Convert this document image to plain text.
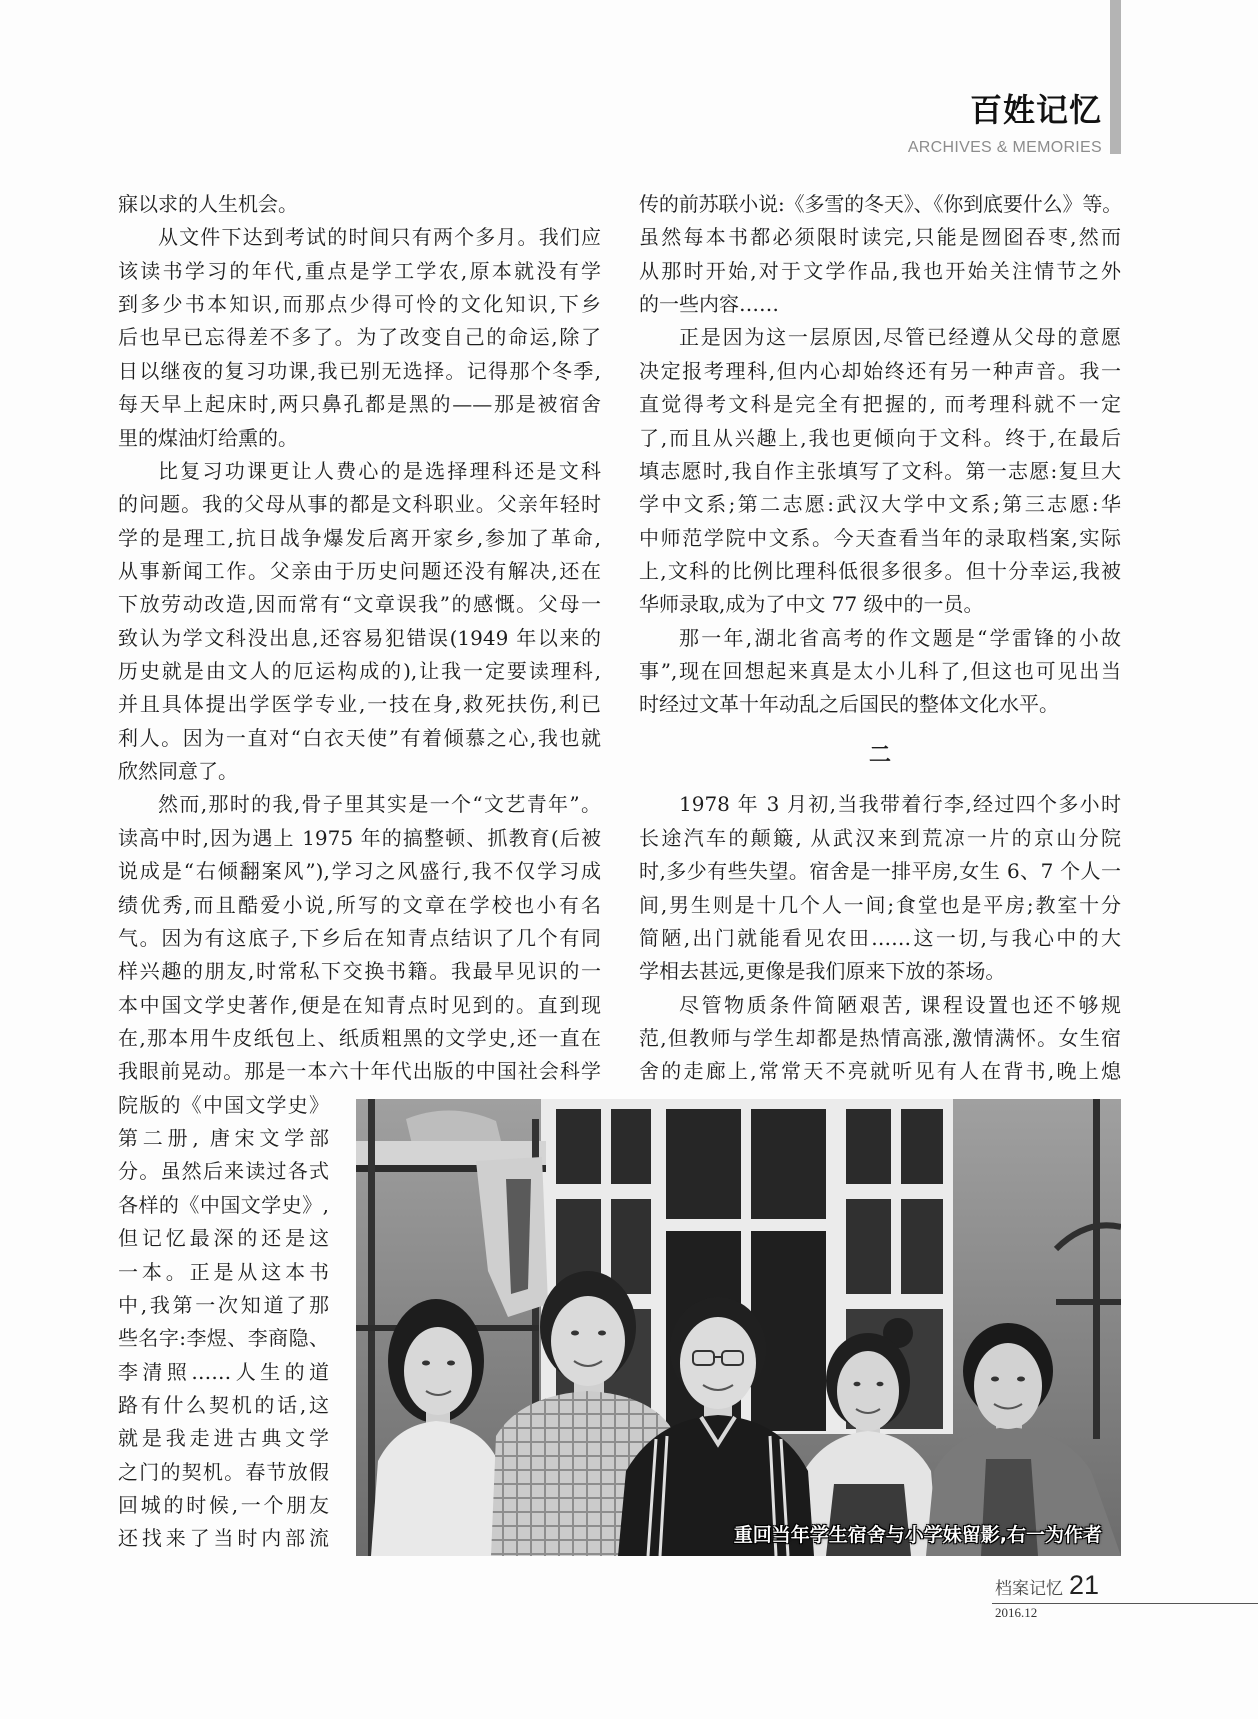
百姓记忆
ARCHIVES & MEMORIES
寐以求的人生机会。
从文件下达到考试的时间只有两个多月。我们应
该读书学习的年代,重点是学工学农,原本就没有学
到多少书本知识,而那点少得可怜的文化知识,下乡
后也早已忘得差不多了。为了改变自己的命运,除了
日以继夜的复习功课,我已别无选择。记得那个冬季,
每天早上起床时,两只鼻孔都是黑的——那是被宿舍
里的煤油灯给熏的。
比复习功课更让人费心的是选择理科还是文科
的问题。我的父母从事的都是文科职业。父亲年轻时
学的是理工,抗日战争爆发后离开家乡,参加了革命,
从事新闻工作。父亲由于历史问题还没有解决,还在
下放劳动改造,因而常有“文章误我”的感慨。父母一
致认为学文科没出息,还容易犯错误(1949 年以来的
历史就是由文人的厄运构成的),让我一定要读理科,
并且具体提出学医学专业,一技在身,救死扶伤,利已
利人。因为一直对“白衣天使”有着倾慕之心,我也就
欣然同意了。
然而,那时的我,骨子里其实是一个“文艺青年”。
读高中时,因为遇上 1975 年的搞整顿、抓教育(后被
说成是“右倾翻案风”),学习之风盛行,我不仅学习成
绩优秀,而且酷爱小说,所写的文章在学校也小有名
气。因为有这底子,下乡后在知青点结识了几个有同
样兴趣的朋友,时常私下交换书籍。我最早见识的一
本中国文学史著作,便是在知青点时见到的。直到现
在,那本用牛皮纸包上、纸质粗黑的文学史,还一直在
我眼前晃动。那是一本六十年代出版的中国社会科学
院版的《中国文学史》
第二册, 唐宋文学部
分。虽然后来读过各式
各样的《中国文学史》,
但记忆最深的还是这
一本。正是从这本书
中,我第一次知道了那
些名字:李煜、李商隐、
李清照……人生的道
路有什么契机的话,这
就是我走进古典文学
之门的契机。春节放假
回城的时候,一个朋友
还找来了当时内部流
传的前苏联小说:《多雪的冬天》、《你到底要什么》等。
虽然每本书都必须限时读完,只能是囫囵吞枣,然而
从那时开始,对于文学作品,我也开始关注情节之外
的一些内容……
正是因为这一层原因,尽管已经遵从父母的意愿
决定报考理科,但内心却始终还有另一种声音。我一
直觉得考文科是完全有把握的, 而考理科就不一定
了,而且从兴趣上,我也更倾向于文科。终于,在最后
填志愿时,我自作主张填写了文科。第一志愿:复旦大
学中文系;第二志愿:武汉大学中文系;第三志愿:华
中师范学院中文系。今天查看当年的录取档案,实际
上,文科的比例比理科低很多很多。但十分幸运,我被
华师录取,成为了中文 77 级中的一员。
那一年,湖北省高考的作文题是“学雷锋的小故
事”,现在回想起来真是太小儿科了,但这也可见出当
时经过文革十年动乱之后国民的整体文化水平。
二
1978 年 3 月初,当我带着行李,经过四个多小时
长途汽车的颠簸, 从武汉来到荒凉一片的京山分院
时,多少有些失望。宿舍是一排平房,女生 6、7 个人一
间,男生则是十几个人一间;食堂也是平房;教室十分
简陋,出门就能看见农田……这一切,与我心中的大
学相去甚远,更像是我们原来下放的茶场。
尽管物质条件简陋艰苦, 课程设置也还不够规
范,但教师与学生却都是热情高涨,激情满怀。女生宿
舍的走廊上,常常天不亮就听见有人在背书,晚上熄
重回当年学生宿舍与小学妹留影,右一为作者
档案记忆 21
2016.12
